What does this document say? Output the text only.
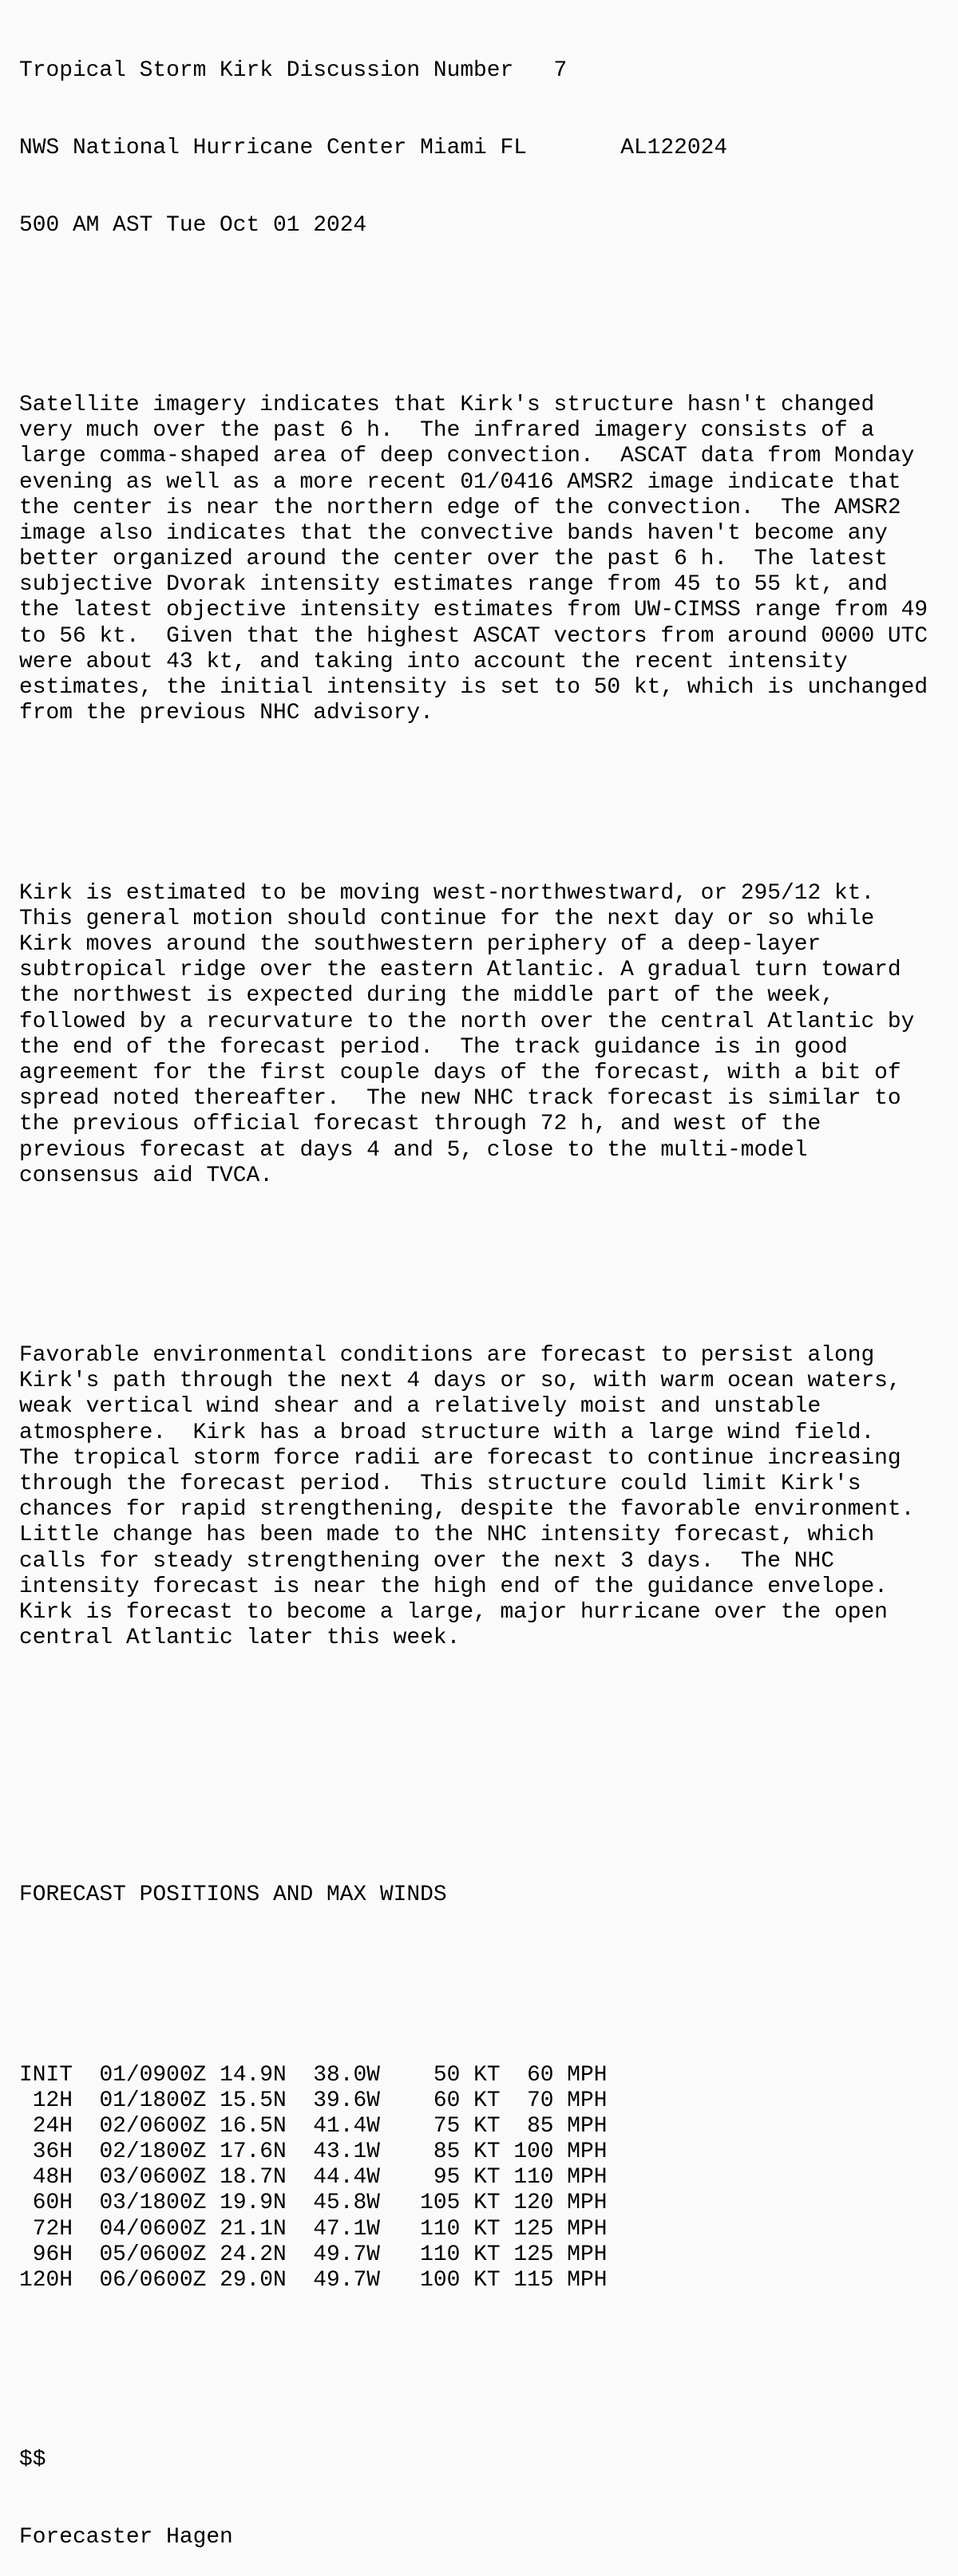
Tropical Storm Kirk Discussion Number   7

NWS National Hurricane Center Miami FL	AL122024

500 AM AST Tue Oct 01 2024

Satellite imagery indicates that Kirk's structure hasn't changed
very much over the past 6 h.  The infrared imagery consists of a
large comma-shaped area of deep convection.  ASCAT data from Monday
evening as well as a more recent 01/0416 AMSR2 image indicate that
the center is near the northern edge of the convection.  The AMSR2
image also indicates that the convective bands haven't become any
better organized around the center over the past 6 h.  The latest
subjective Dvorak intensity estimates range from 45 to 55 kt, and
the latest objective intensity estimates from UW-CIMSS range from 49
to 56 kt.  Given that the highest ASCAT vectors from around 0000 UTC
were about 43 kt, and taking into account the recent intensity
estimates, the initial intensity is set to 50 kt, which is unchanged
from the previous NHC advisory.

Kirk is estimated to be moving west-northwestward, or 295/12 kt.
This general motion should continue for the next day or so while
Kirk moves around the southwestern periphery of a deep-layer
subtropical ridge over the eastern Atlantic. A gradual turn toward
the northwest is expected during the middle part of the week,
followed by a recurvature to the north over the central Atlantic by
the end of the forecast period.  The track guidance is in good
agreement for the first couple days of the forecast, with a bit of
spread noted thereafter.  The new NHC track forecast is similar to
the previous official forecast through 72 h, and west of the
previous forecast at days 4 and 5, close to the multi-model
consensus aid TVCA.

Favorable environmental conditions are forecast to persist along
Kirk's path through the next 4 days or so, with warm ocean waters,
weak vertical wind shear and a relatively moist and unstable
atmosphere.  Kirk has a broad structure with a large wind field.
The tropical storm force radii are forecast to continue increasing
through the forecast period.  This structure could limit Kirk's
chances for rapid strengthening, despite the favorable environment.
Little change has been made to the NHC intensity forecast, which
calls for steady strengthening over the next 3 days.  The NHC
intensity forecast is near the high end of the guidance envelope.
Kirk is forecast to become a large, major hurricane over the open
central Atlantic later this week.

FORECAST POSITIONS AND MAX WINDS

INIT  01/0900Z 14.9N  38.0W    50 KT  60 MPH
12H  01/1800Z 15.5N  39.6W    60 KT  70 MPH
24H  02/0600Z 16.5N  41.4W    75 KT  85 MPH
36H  02/1800Z 17.6N  43.1W    85 KT 100 MPH
48H  03/0600Z 18.7N  44.4W    95 KT 110 MPH
60H  03/1800Z 19.9N  45.8W   105 KT 120 MPH
72H  04/0600Z 21.1N  47.1W   110 KT 125 MPH
96H  05/0600Z 24.2N  49.7W   110 KT 125 MPH
120H  06/0600Z 29.0N  49.7W   100 KT 115 MPH

$$

Forecaster Hagen
